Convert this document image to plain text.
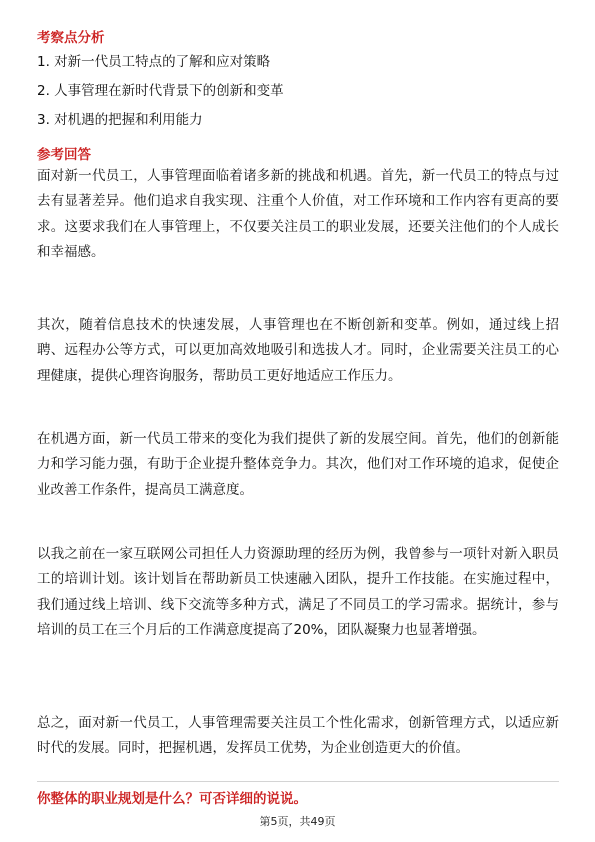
考察点分析
1. 对新一代员工特点的了解和应对策略
2. 人事管理在新时代背景下的创新和变革
3. 对机遇的把握和利用能力
参考回答

面对新一代员工，人事管理面临着诸多新的挑战和机遇。首先，新一代员工的特点与过去有显著差异。他们追求自我实现、注重个人价值，对工作环境和工作内容有更高的要求。这要求我们在人事管理上，不仅要关注员工的职业发展，还要关注他们的个人成长和幸福感。

其次，随着信息技术的快速发展，人事管理也在不断创新和变革。例如，通过线上招聘、远程办公等方式，可以更加高效地吸引和选拔人才。同时，企业需要关注员工的心理健康，提供心理咨询服务，帮助员工更好地适应工作压力。

在机遇方面，新一代员工带来的变化为我们提供了新的发展空间。首先，他们的创新能力和学习能力强，有助于企业提升整体竞争力。其次，他们对工作环境的追求，促使企业改善工作条件，提高员工满意度。

以我之前在一家互联网公司担任人力资源助理的经历为例，我曾参与一项针对新入职员工的培训计划。该计划旨在帮助新员工快速融入团队，提升工作技能。在实施过程中，我们通过线上培训、线下交流等多种方式，满足了不同员工的学习需求。据统计，参与培训的员工在三个月后的工作满意度提高了20%，团队凝聚力也显著增强。

总之，面对新一代员工，人事管理需要关注员工个性化需求，创新管理方式，以适应新时代的发展。同时，把握机遇，发挥员工优势，为企业创造更大的价值。

你整体的职业规划是什么？可否详细的说说。
第5页，共49页
